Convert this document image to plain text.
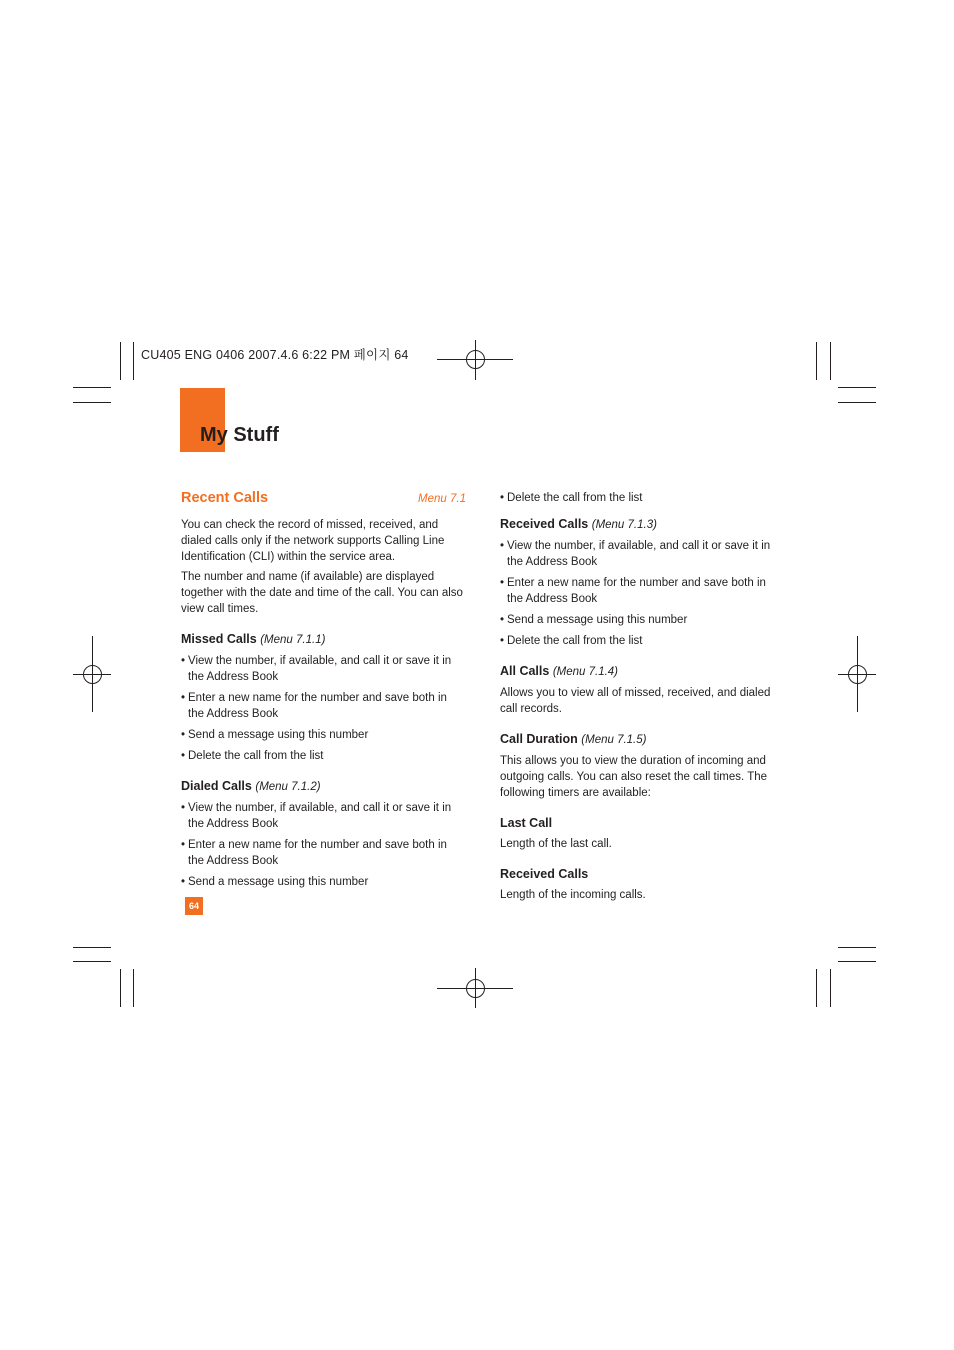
CU405 ENG 0406 2007.4.6 6:22 PM 페이지 64
My Stuff
Recent Calls	Menu 7.1

You can check the record of missed, received, and dialed calls only if the network supports Calling Line Identification (CLI) within the service area.

The number and name (if available) are displayed together with the date and time of the call. You can also view call times.

Missed Calls (Menu 7.1.1)
• View the number, if available, and call it or save it in the Address Book
• Enter a new name for the number and save both in the Address Book
• Send a message using this number
• Delete the call from the list
Dialed Calls (Menu 7.1.2)
• View the number, if available, and call it or save it in the Address Book
• Enter a new name for the number and save both in the Address Book
• Send a message using this number
• Delete the call from the list
Received Calls (Menu 7.1.3)
• View the number, if available, and call it or save it in the Address Book
• Enter a new name for the number and save both in the Address Book
• Send a message using this number
• Delete the call from the list
All Calls (Menu 7.1.4)

Allows you to view all of missed, received, and dialed call records.

Call Duration (Menu 7.1.5)

This allows you to view the duration of incoming and outgoing calls. You can also reset the call times. The following timers are available:

Last Call

Length of the last call.

Received Calls

Length of the incoming calls.

64
